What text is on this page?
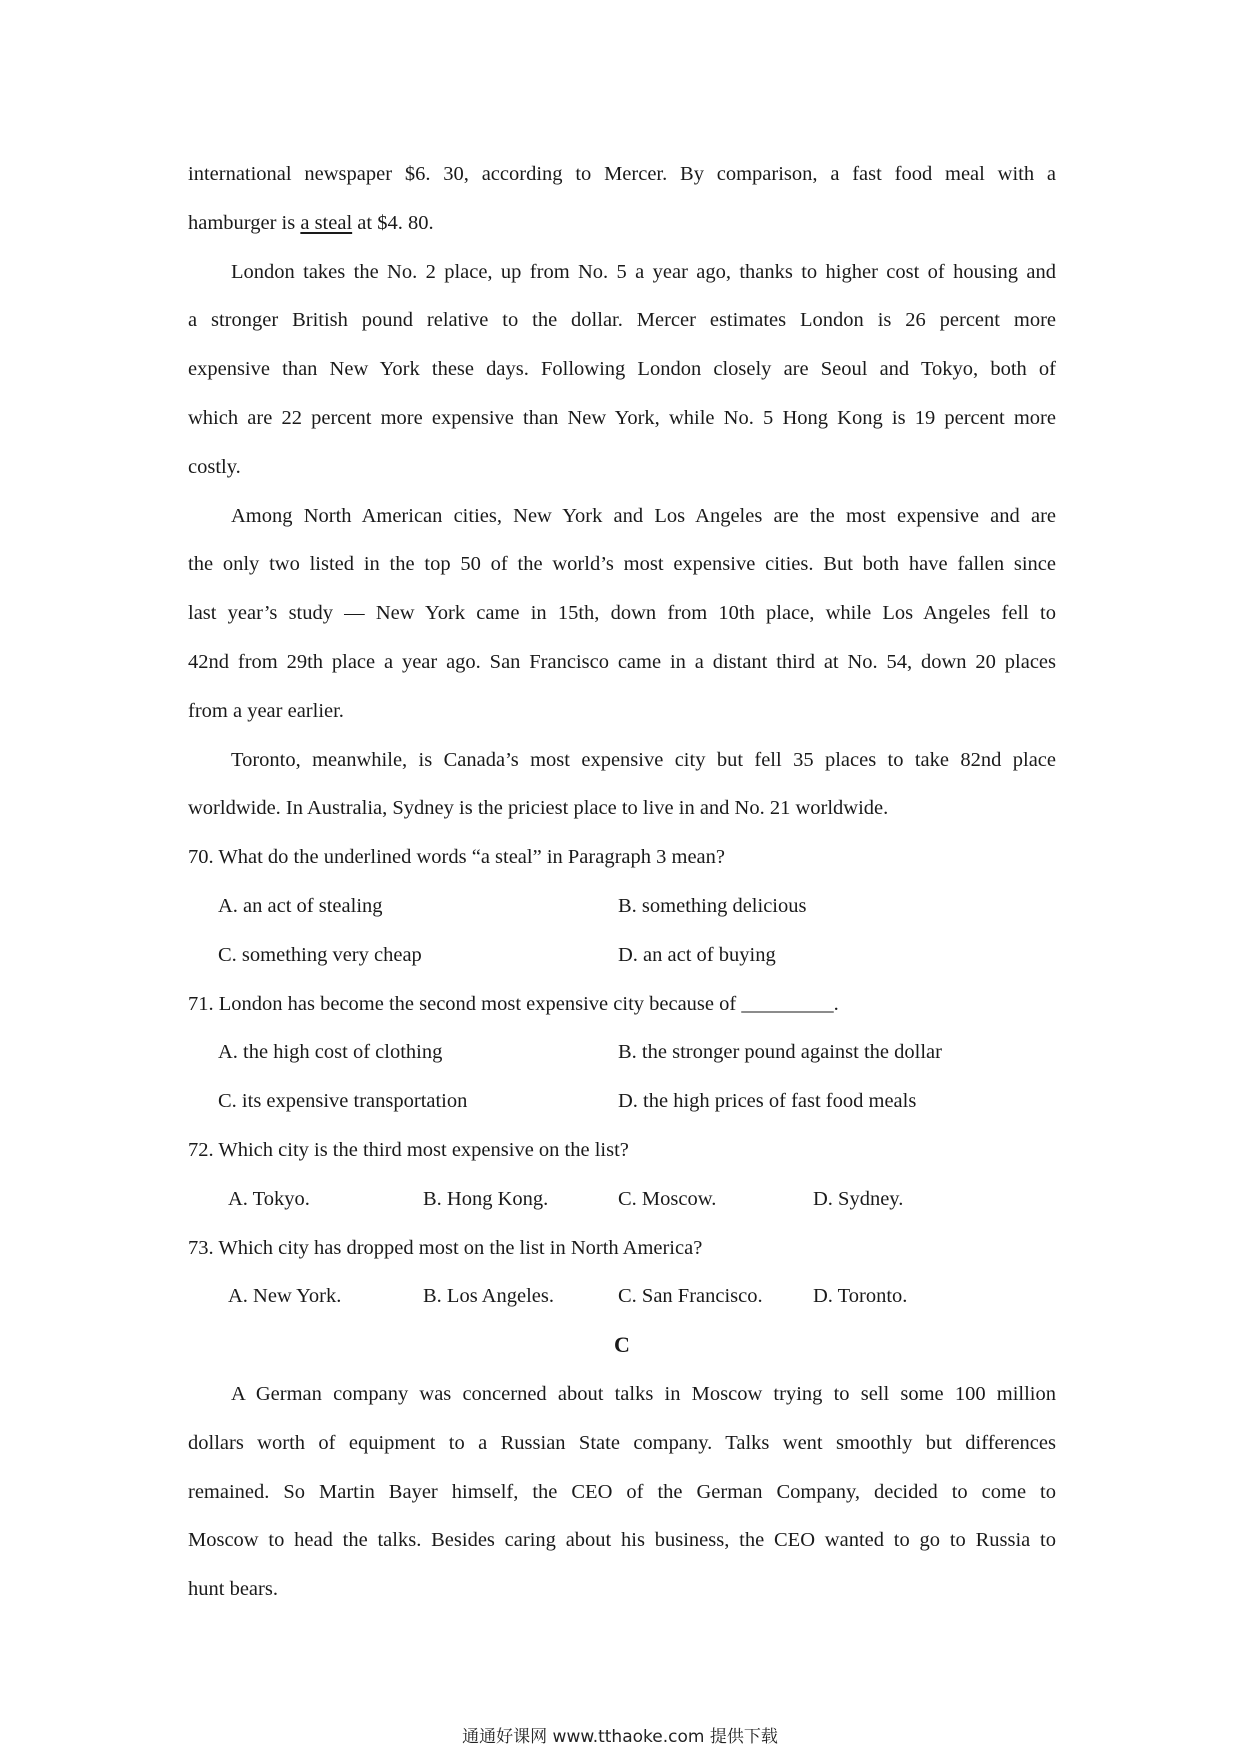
international newspaper $6. 30, according to Mercer. By comparison, a fast food meal with a
hamburger is a steal at $4. 80.
London takes the No. 2 place, up from No. 5 a year ago, thanks to higher cost of housing and
a stronger British pound relative to the dollar. Mercer estimates London is 26 percent more
expensive than New York these days. Following London closely are Seoul and Tokyo, both of
which are 22 percent more expensive than New York, while No. 5 Hong Kong is 19 percent more
costly.
Among North American cities, New York and Los Angeles are the most expensive and are
the only two listed in the top 50 of the world’s most expensive cities. But both have fallen since
last year’s study — New York came in 15th, down from 10th place, while Los Angeles fell to
42nd from 29th place a year ago. San Francisco came in a distant third at No. 54, down 20 places
from a year earlier.
Toronto, meanwhile, is Canada’s most expensive city but fell 35 places to take 82nd place
worldwide. In Australia, Sydney is the priciest place to live in and No. 21 worldwide.
70. What do the underlined words “a steal” in Paragraph 3 mean?
A. an act of stealing	B. something delicious
C. something very cheap	D. an act of buying
71. London has become the second most expensive city because of _________.
A. the high cost of clothing	B. the stronger pound against the dollar
C. its expensive transportation	D. the high prices of fast food meals
72. Which city is the third most expensive on the list?
A. Tokyo.	B. Hong Kong.	C. Moscow.	D. Sydney.
73. Which city has dropped most on the list in North America?
A. New York.	B. Los Angeles.	C. San Francisco. D. Toronto.
C
A German company was concerned about talks in Moscow trying to sell some 100 million
dollars worth of equipment to a Russian State company. Talks went smoothly but differences
remained. So Martin Bayer himself, the CEO of the German Company, decided to come to
Moscow to head the talks. Besides caring about his business, the CEO wanted to go to Russia to
hunt bears.
通通好课网 www.tthaoke.com 提供下载
